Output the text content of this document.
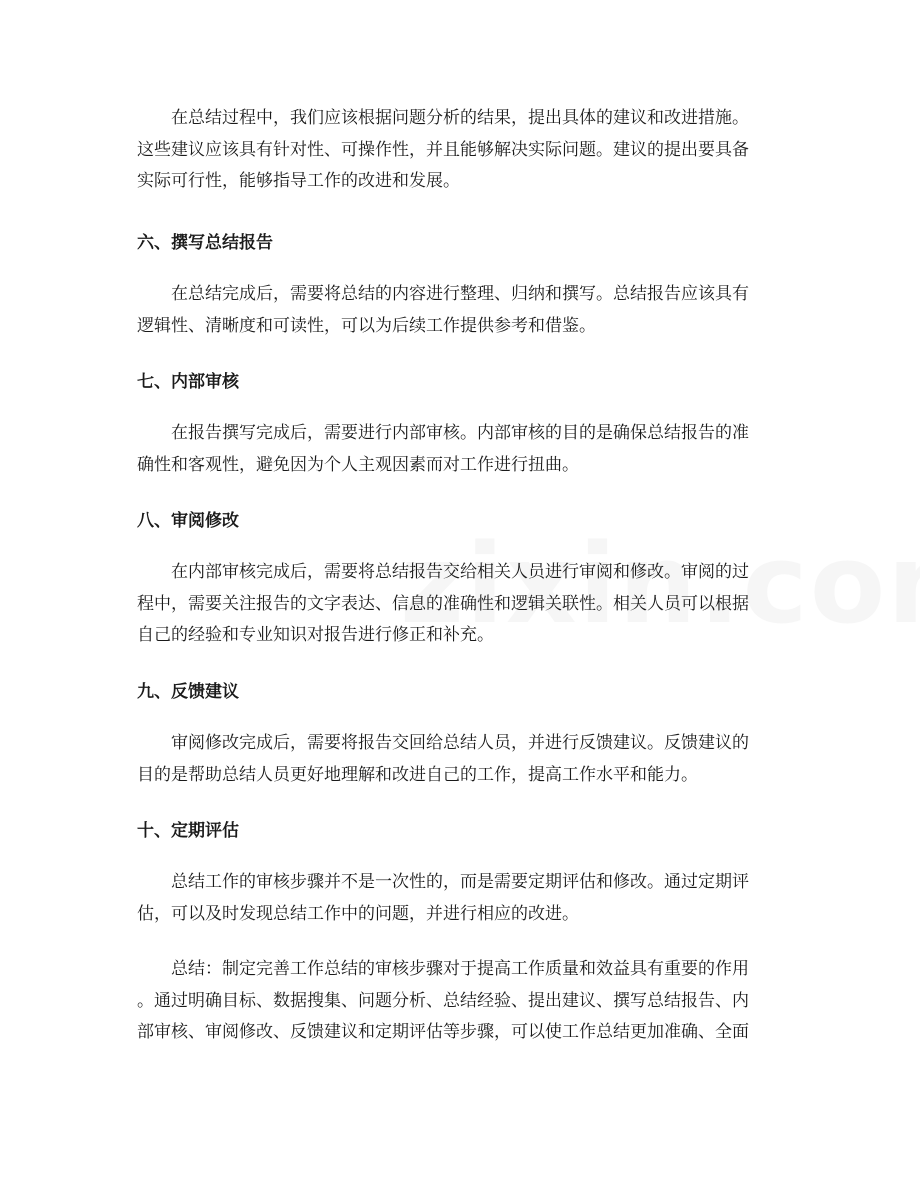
　　在总结过程中，我们应该根据问题分析的结果，提出具体的建议和改进措施。
这些建议应该具有针对性、可操作性，并且能够解决实际问题。建议的提出要具备
实际可行性，能够指导工作的改进和发展。

六、撰写总结报告

　　在总结完成后，需要将总结的内容进行整理、归纳和撰写。总结报告应该具有
逻辑性、清晰度和可读性，可以为后续工作提供参考和借鉴。

七、内部审核

　　在报告撰写完成后，需要进行内部审核。内部审核的目的是确保总结报告的准
确性和客观性，避免因为个人主观因素而对工作进行扭曲。

八、审阅修改

　　在内部审核完成后，需要将总结报告交给相关人员进行审阅和修改。审阅的过
程中，需要关注报告的文字表达、信息的准确性和逻辑关联性。相关人员可以根据
自己的经验和专业知识对报告进行修正和补充。

九、反馈建议

　　审阅修改完成后，需要将报告交回给总结人员，并进行反馈建议。反馈建议的
目的是帮助总结人员更好地理解和改进自己的工作，提高工作水平和能力。

十、定期评估

　　总结工作的审核步骤并不是一次性的，而是需要定期评估和修改。通过定期评
估，可以及时发现总结工作中的问题，并进行相应的改进。

　　总结：制定完善工作总结的审核步骤对于提高工作质量和效益具有重要的作用
。通过明确目标、数据搜集、问题分析、总结经验、提出建议、撰写总结报告、内
部审核、审阅修改、反馈建议和定期评估等步骤，可以使工作总结更加准确、全面
